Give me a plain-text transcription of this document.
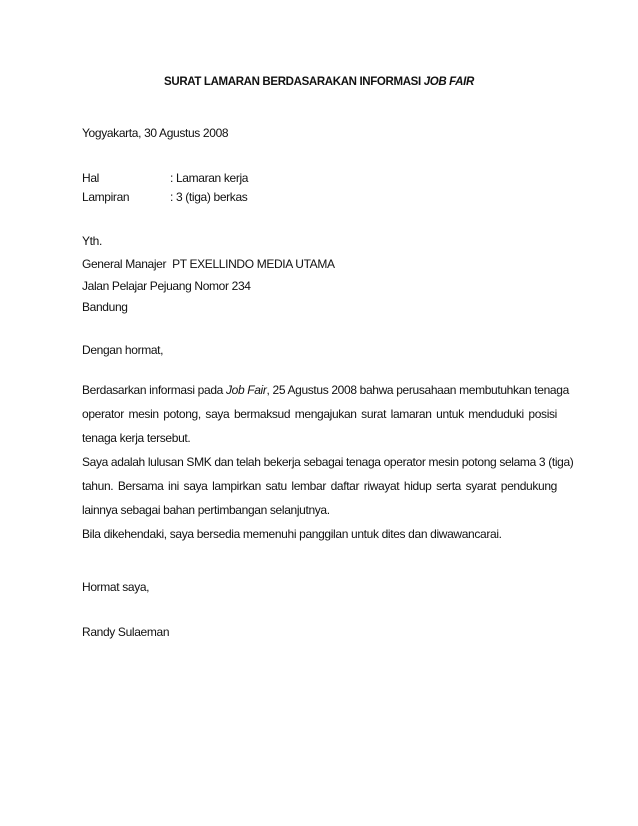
SURAT LAMARAN BERDASARAKAN INFORMASI JOB FAIR
Yogyakarta, 30 Agustus 2008
Hal	: Lamaran kerja
Lampiran	: 3 (tiga) berkas
Yth.
General Manajer  PT EXELLINDO MEDIA UTAMA
Jalan Pelajar Pejuang Nomor 234
Bandung
Dengan hormat,
Berdasarkan informasi pada Job Fair, 25 Agustus 2008 bahwa perusahaan membutuhkan tenaga
operator mesin potong, saya bermaksud mengajukan surat lamaran untuk menduduki posisi
tenaga kerja tersebut.
Saya adalah lulusan SMK dan telah bekerja sebagai tenaga operator mesin potong selama 3 (tiga)
tahun. Bersama ini saya lampirkan satu lembar daftar riwayat hidup serta syarat pendukung
lainnya sebagai bahan pertimbangan selanjutnya.
Bila dikehendaki, saya bersedia memenuhi panggilan untuk dites dan diwawancarai.
Hormat saya,
Randy Sulaeman
